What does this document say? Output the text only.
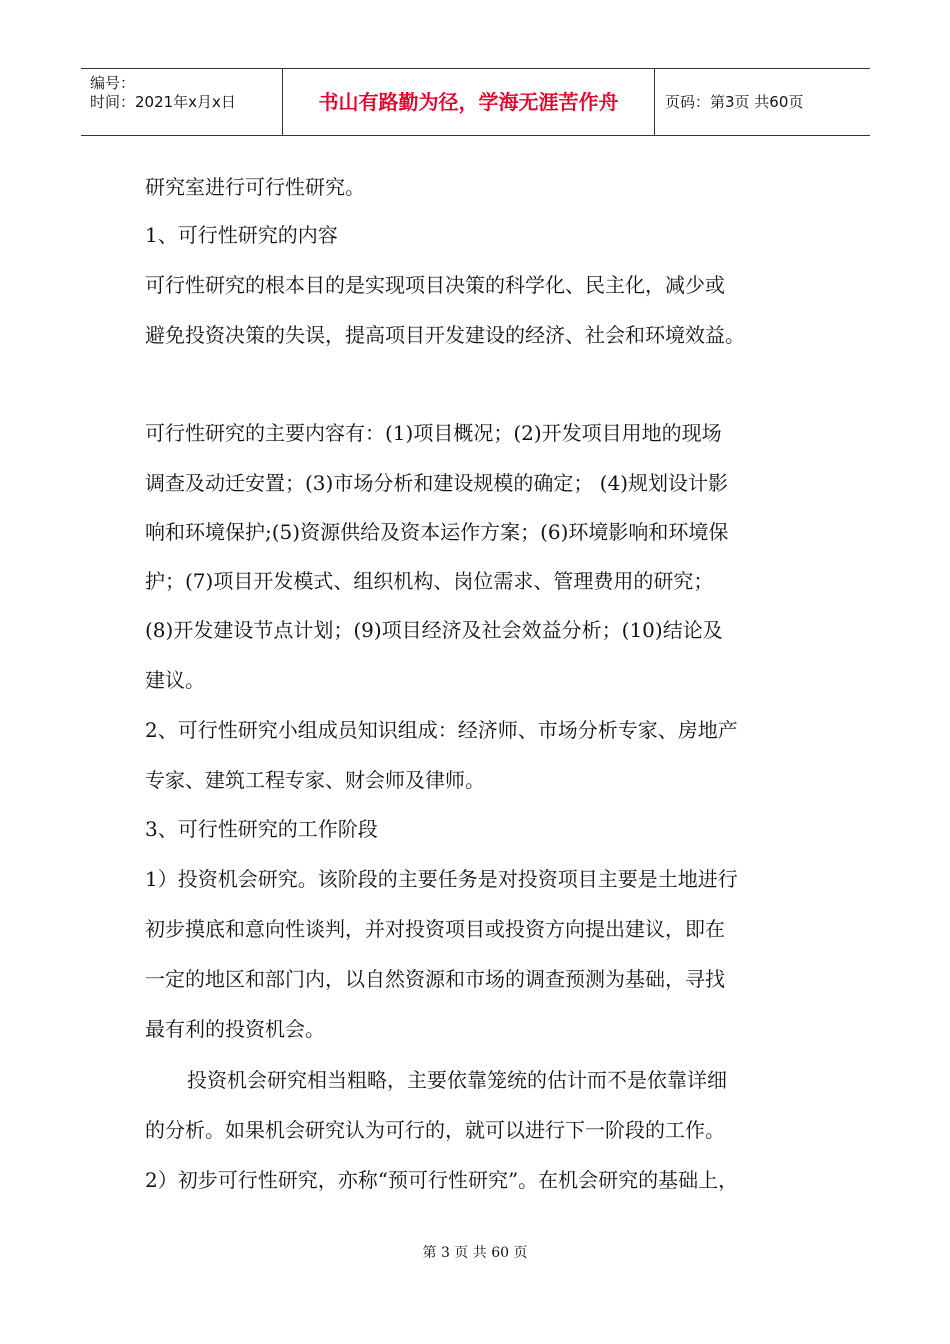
编号：
时间：2021年x月x日	书山有路勤为径，学海无涯苦作舟	页码：第3页 共60页
研究室进行可行性研究。
1、可行性研究的内容
可行性研究的根本目的是实现项目决策的科学化、民主化，减少或
避免投资决策的失误，提高项目开发建设的经济、社会和环境效益。
可行性研究的主要内容有：(1)项目概况；(2)开发项目用地的现场
调查及动迁安置；(3)市场分析和建设规模的确定； (4)规划设计影
响和环境保护;(5)资源供给及资本运作方案；(6)环境影响和环境保
护；(7)项目开发模式、组织机构、岗位需求、管理费用的研究；
(8)开发建设节点计划；(9)项目经济及社会效益分析；(10)结论及
建议。
2、可行性研究小组成员知识组成：经济师、市场分析专家、房地产
专家、建筑工程专家、财会师及律师。
3、可行性研究的工作阶段
1）投资机会研究。该阶段的主要任务是对投资项目主要是土地进行
初步摸底和意向性谈判，并对投资项目或投资方向提出建议，即在
一定的地区和部门内，以自然资源和市场的调查预测为基础，寻找
最有利的投资机会。
投资机会研究相当粗略，主要依靠笼统的估计而不是依靠详细
的分析。如果机会研究认为可行的，就可以进行下一阶段的工作。
2）初步可行性研究，亦称“预可行性研究”。在机会研究的基础上，
第 3 页 共 60 页
